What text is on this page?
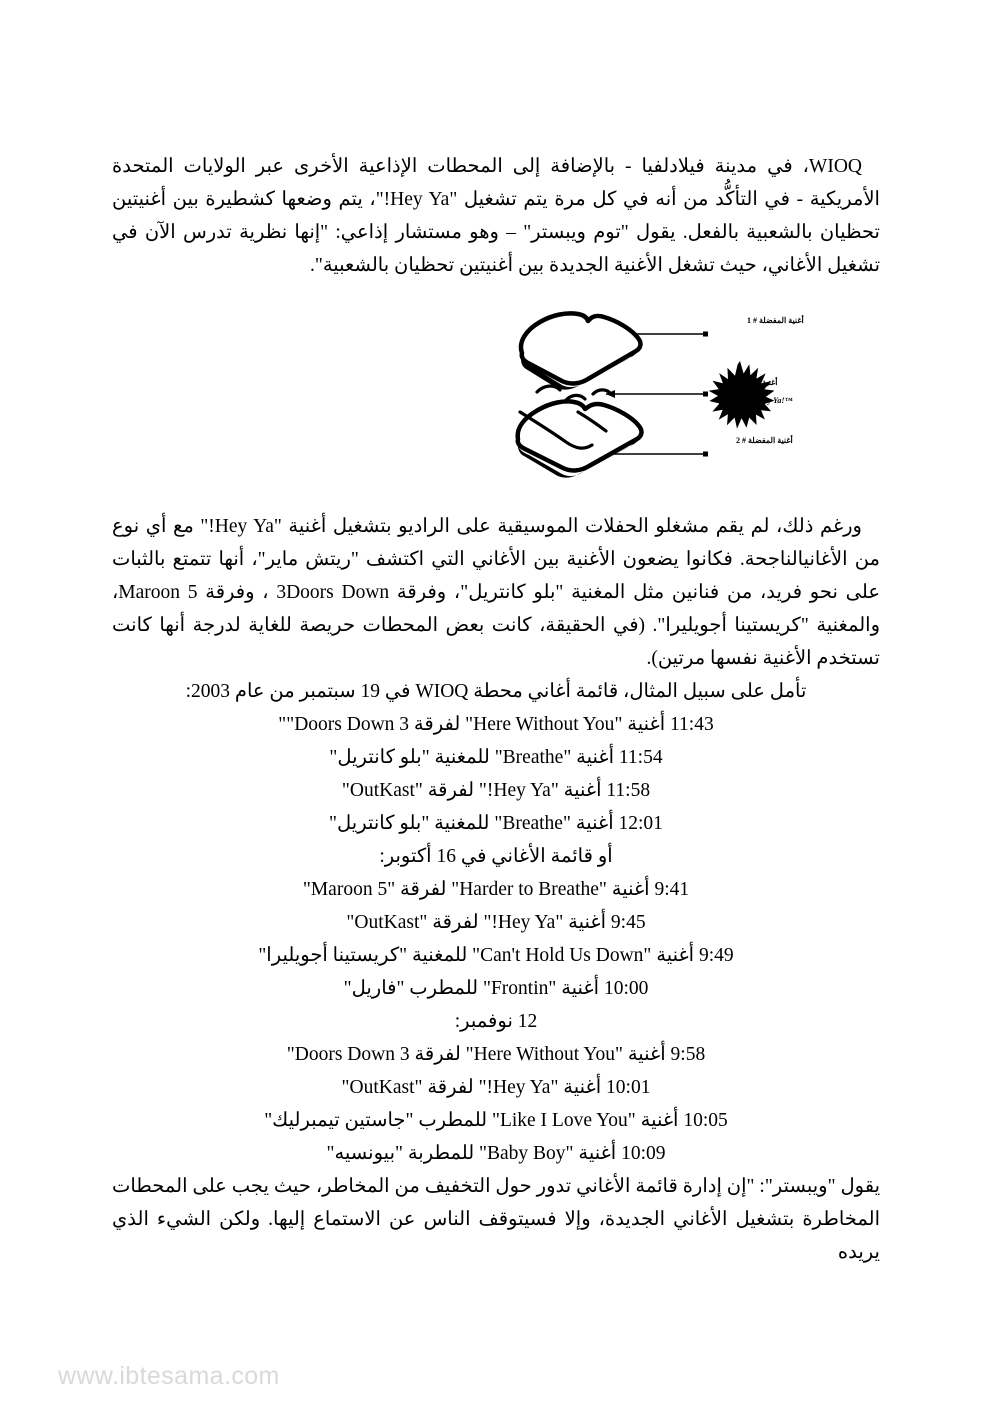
WIOQ، في مدينة فيلادلفيا - بالإضافة إلى المحطات الإذاعية الأخرى عبر الولايات المتحدة الأمريكية - في التأكُّد من أنه في كل مرة يتم تشغيل "Hey Ya!"، يتم وضعها كشطيرة بين أغنيتين تحظيان بالشعبية بالفعل. يقول "توم ويبستر" – وهو مستشار إذاعي: "إنها نظرية تدرس الآن في تشغيل الأغاني، حيث تشغل الأغنية الجديدة بين أغنيتين تحظيان بالشعبية".

أغنية المفضلة # 1
أغنية
Hey Ya!™
أغنية المفضلة # 2

ورغم ذلك، لم يقم مشغلو الحفلات الموسيقية على الراديو بتشغيل أغنية "Hey Ya!" مع أي نوع من الأغانيالناجحة. فكانوا يضعون الأغنية بين الأغاني التي اكتشف "ريتش ماير"، أنها تتمتع بالثبات على نحو فريد، من فنانين مثل المغنية "بلو كانتريل"، وفرقة 3Doors Down ، وفرقة Maroon 5، والمغنية "كريستينا أجويليرا". (في الحقيقة، كانت بعض المحطات حريصة للغاية لدرجة أنها كانت تستخدم الأغنية نفسها مرتين).

تأمل على سبيل المثال، قائمة أغاني محطة WIOQ في 19 سبتمبر من عام 2003:

11:43 أغنية "Here Without You" لفرقة 3 Doors Down""

11:54 أغنية "Breathe" للمغنية "بلو كانتريل"

11:58 أغنية "Hey Ya!" لفرقة "OutKast"

12:01 أغنية "Breathe" للمغنية "بلو كانتريل"

أو قائمة الأغاني في 16 أكتوبر:

9:41 أغنية "Harder to Breathe" لفرقة "Maroon 5"

9:45 أغنية "Hey Ya!" لفرقة "OutKast"

9:49 أغنية "Can't Hold Us Down" للمغنية "كريستينا أجويليرا"

10:00 أغنية "Frontin" للمطرب "فاريل"

12 نوفمبر:

9:58 أغنية "Here Without You" لفرقة 3 Doors Down"

10:01 أغنية "Hey Ya!" لفرقة "OutKast"

10:05 أغنية "Like I Love You" للمطرب "جاستين تيمبرليك"

10:09 أغنية "Baby Boy" للمطربة "بيونسيه"

يقول "ويبستر": "إن إدارة قائمة الأغاني تدور حول التخفيف من المخاطر، حيث يجب على المحطات المخاطرة بتشغيل الأغاني الجديدة، وإلا فسيتوقف الناس عن الاستماع إليها. ولكن الشيء الذي يريده

www.ibtesama.com
